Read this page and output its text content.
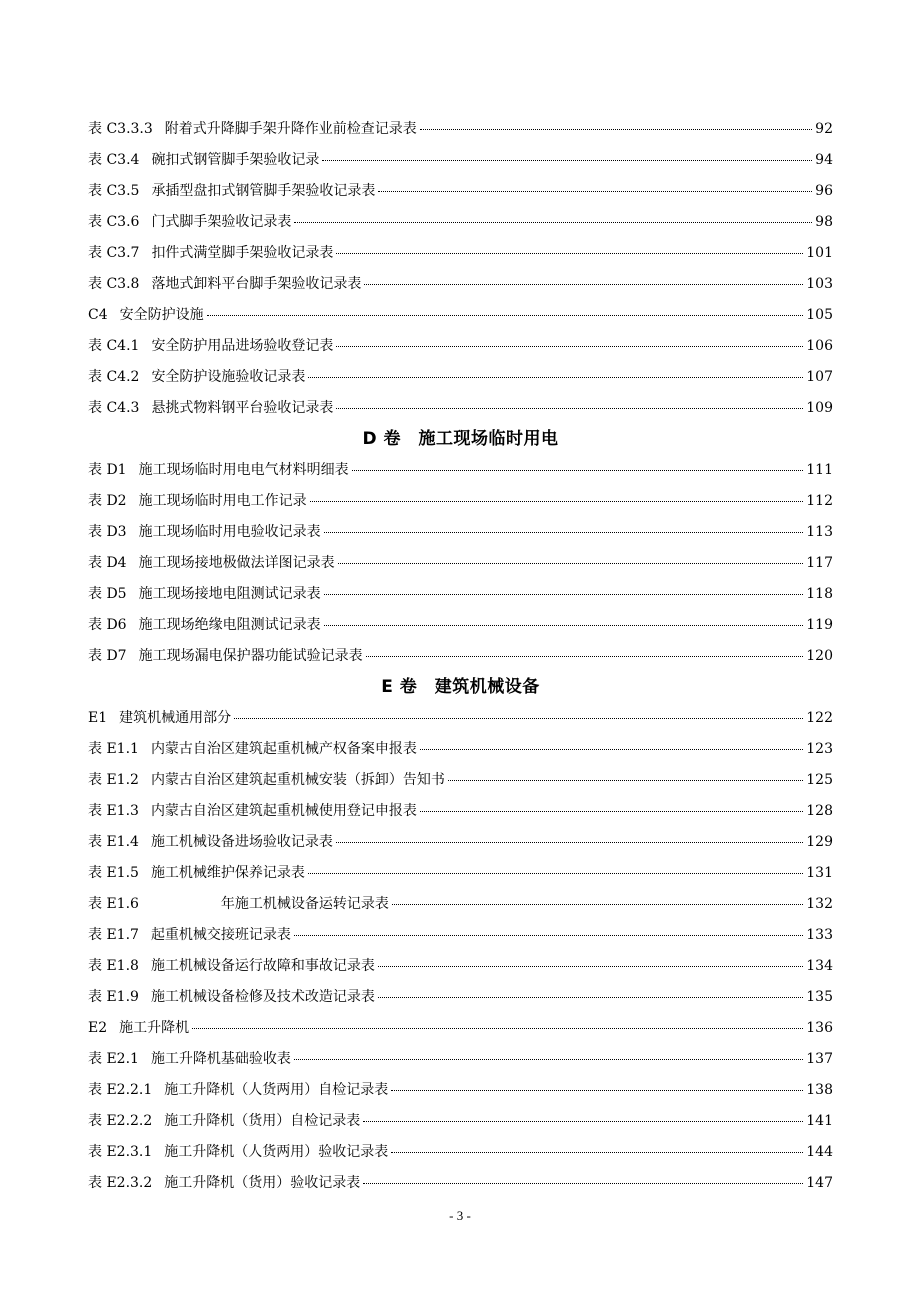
表 C3.3.3 附着式升降脚手架升降作业前检查记录表	92
表 C3.4 碗扣式钢管脚手架验收记录	94
表 C3.5 承插型盘扣式钢管脚手架验收记录表	96
表 C3.6 门式脚手架验收记录表	98
表 C3.7 扣件式满堂脚手架验收记录表	101
表 C3.8 落地式卸料平台脚手架验收记录表	103
C4 安全防护设施	105
表 C4.1 安全防护用品进场验收登记表	106
表 C4.2 安全防护设施验收记录表	107
表 C4.3 悬挑式物料钢平台验收记录表	109
D 卷　施工现场临时用电
表 D1 施工现场临时用电电气材料明细表	111
表 D2 施工现场临时用电工作记录	112
表 D3 施工现场临时用电验收记录表	113
表 D4 施工现场接地极做法详图记录表	117
表 D5 施工现场接地电阻测试记录表	118
表 D6 施工现场绝缘电阻测试记录表	119
表 D7 施工现场漏电保护器功能试验记录表	120
E 卷　建筑机械设备
E1 建筑机械通用部分	122
表 E1.1 内蒙古自治区建筑起重机械产权备案申报表	123
表 E1.2 内蒙古自治区建筑起重机械安装（拆卸）告知书	125
表 E1.3 内蒙古自治区建筑起重机械使用登记申报表	128
表 E1.4 施工机械设备进场验收记录表	129
表 E1.5 施工机械维护保养记录表	131
表 E1.6 　　　　　年施工机械设备运转记录表	132
表 E1.7 起重机械交接班记录表	133
表 E1.8 施工机械设备运行故障和事故记录表	134
表 E1.9 施工机械设备检修及技术改造记录表	135
E2 施工升降机	136
表 E2.1 施工升降机基础验收表	137
表 E2.2.1 施工升降机（人货两用）自检记录表	138
表 E2.2.2 施工升降机（货用）自检记录表	141
表 E2.3.1 施工升降机（人货两用）验收记录表	144
表 E2.3.2 施工升降机（货用）验收记录表	147
- 3 -
